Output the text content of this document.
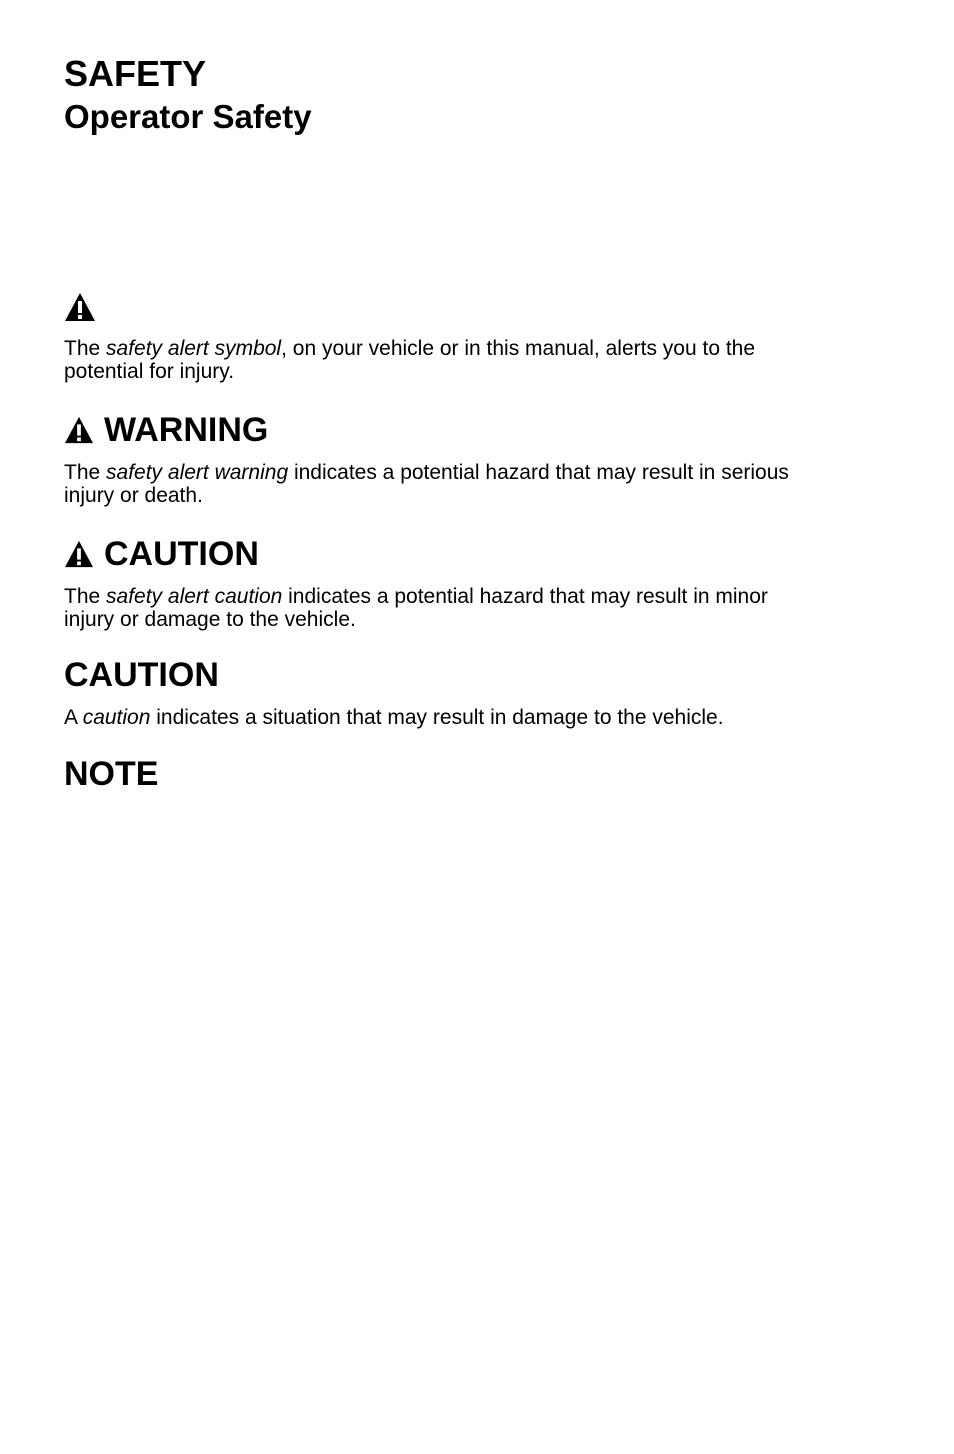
SAFETY
Operator Safety
The safety alert symbol, on your vehicle or in this manual, alerts you to the
potential for injury.
WARNING
The safety alert warning indicates a potential hazard that may result in serious
injury or death.
CAUTION
The safety alert caution indicates a potential hazard that may result in minor
injury or damage to the vehicle.
CAUTION
A caution indicates a situation that may result in damage to the vehicle.
NOTE
